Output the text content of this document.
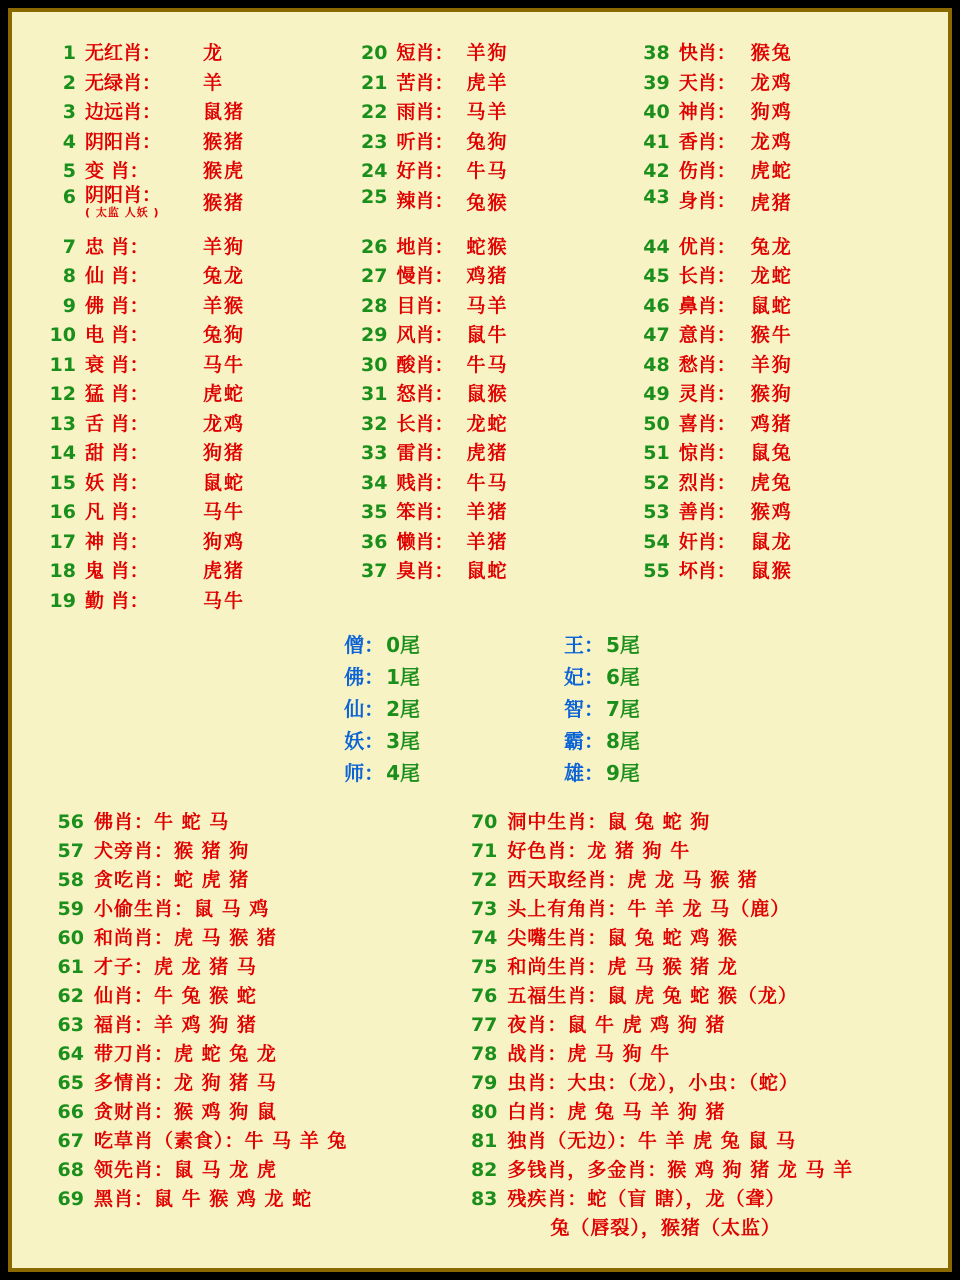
1 无红肖：	龙
2 无绿肖：	羊
3 边远肖：	鼠猪
4 阴阳肖：	猴猪
5 变 肖：	猴虎
6 阴阳肖：
( 太监 人妖 )	猴猪
7 忠 肖：	羊狗
8 仙 肖：	兔龙
9 佛 肖：	羊猴
10 电 肖：	兔狗
11 衰 肖：	马牛
12 猛 肖：	虎蛇
13 舌 肖：	龙鸡
14 甜 肖：	狗猪
15 妖 肖：	鼠蛇
16 凡 肖：	马牛
17 神 肖：	狗鸡
18 鬼 肖：	虎猪
19 勤 肖：	马牛
20 短肖： 羊狗
21 苦肖： 虎羊
22 雨肖： 马羊
23 听肖： 兔狗
24 好肖： 牛马
25 辣肖： 兔猴
26 地肖： 蛇猴
27 慢肖： 鸡猪
28 目肖： 马羊
29 风肖： 鼠牛
30 酸肖： 牛马
31 怒肖： 鼠猴
32 长肖： 龙蛇
33 雷肖： 虎猪
34 贱肖： 牛马
35 笨肖： 羊猪
36 懒肖： 羊猪
37 臭肖： 鼠蛇
38 快肖： 猴兔
39 天肖： 龙鸡
40 神肖： 狗鸡
41 香肖： 龙鸡
42 伤肖： 虎蛇
43 身肖： 虎猪
44 优肖： 兔龙
45 长肖： 龙蛇
46 鼻肖： 鼠蛇
47 意肖： 猴牛
48 愁肖： 羊狗
49 灵肖： 猴狗
50 喜肖： 鸡猪
51 惊肖： 鼠兔
52 烈肖： 虎兔
53 善肖： 猴鸡
54 奸肖： 鼠龙
55 坏肖： 鼠猴
僧： 0尾
佛： 1尾
仙： 2尾
妖： 3尾
师： 4尾
王： 5尾
妃： 6尾
智： 7尾
霸： 8尾
雄： 9尾
56 佛肖：牛 蛇 马
57 犬旁肖：猴 猪 狗
58 贪吃肖：蛇 虎 猪
59 小偷生肖：鼠 马 鸡
60 和尚肖：虎 马 猴 猪
61 才子：虎 龙 猪 马
62 仙肖：牛 兔 猴 蛇
63 福肖：羊 鸡 狗 猪
64 带刀肖：虎 蛇 兔 龙
65 多情肖：龙 狗 猪 马
66 贪财肖：猴 鸡 狗 鼠
67 吃草肖（素食）：牛 马 羊 兔
68 领先肖：鼠 马 龙 虎
69 黑肖：鼠 牛 猴 鸡 龙 蛇
70 洞中生肖：鼠 兔 蛇 狗
71 好色肖：龙 猪 狗 牛
72 西天取经肖：虎 龙 马 猴 猪
73 头上有角肖：牛 羊 龙 马（鹿）
74 尖嘴生肖：鼠 兔 蛇 鸡 猴
75 和尚生肖：虎 马 猴 猪 龙
76 五福生肖：鼠 虎 兔 蛇 猴（龙）
77 夜肖：鼠 牛 虎 鸡 狗 猪
78 战肖：虎 马 狗 牛
79 虫肖：大虫：（龙），小虫：（蛇）
80 白肖：虎 兔 马 羊 狗 猪
81 独肖（无边）：牛 羊 虎 兔 鼠 马
82 多钱肖，多金肖：猴 鸡 狗 猪 龙 马 羊
83 残疾肖：蛇（盲 瞎），龙（聋）
兔（唇裂），猴猪（太监）
